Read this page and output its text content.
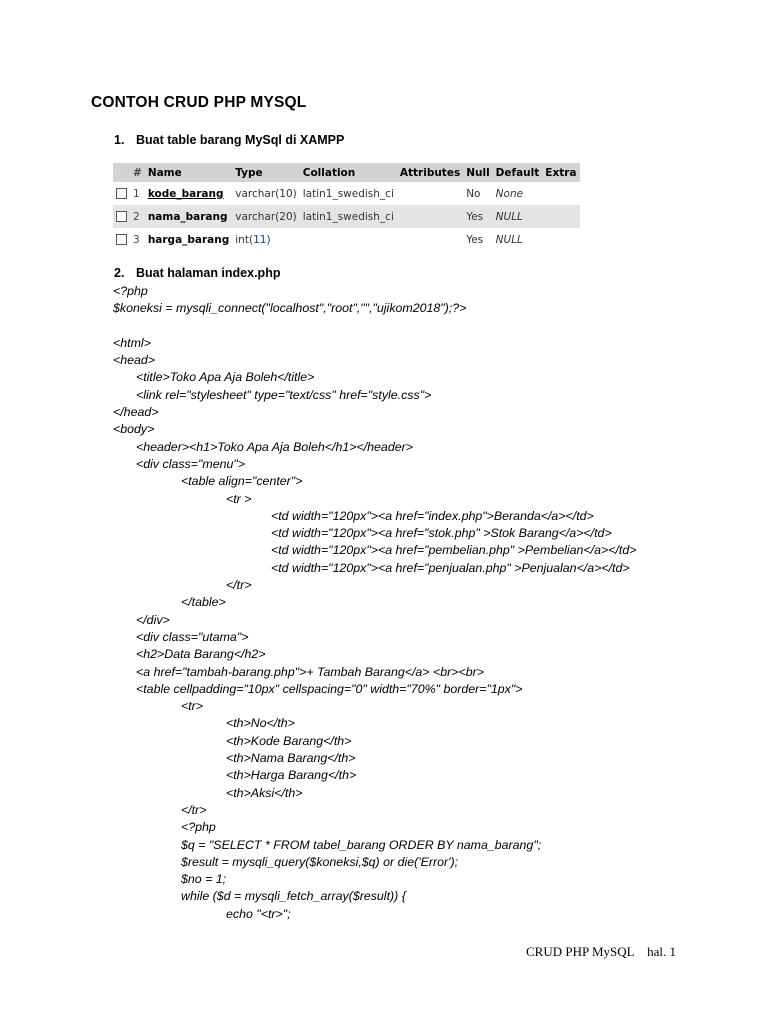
CONTOH CRUD PHP MYSQL
1. Buat table barang MySql di XAMPP
	#	Name	Type	Collation	Attributes	Null	Default	Extra
	1	kode_barang	varchar(10)	latin1_swedish_ci		No	None	
	2	nama_barang	varchar(20)	latin1_swedish_ci		Yes	NULL	
	3	harga_barang	int(11)			Yes	NULL	
2. Buat halaman index.php
<?php
$koneksi = mysqli_connect("localhost","root","","ujikom2018");?>
<html>
<head>
<title>Toko Apa Aja Boleh</title>
<link rel="stylesheet" type="text/css" href="style.css">
</head>
<body>
<header><h1>Toko Apa Aja Boleh</h1></header>
<div class="menu">
<table align="center">
<tr >
<td width="120px"><a href="index.php">Beranda</a></td>
<td width="120px"><a href="stok.php" >Stok Barang</a></td>
<td width="120px"><a href="pembelian.php" >Pembelian</a></td>
<td width="120px"><a href="penjualan.php" >Penjualan</a></td>
</tr>
</table>
</div>
<div class="utama">
<h2>Data Barang</h2>
<a href="tambah-barang.php">+ Tambah Barang</a> <br><br>
<table cellpadding="10px" cellspacing="0" width="70%" border="1px">
<tr>
<th>No</th>
<th>Kode Barang</th>
<th>Nama Barang</th>
<th>Harga Barang</th>
<th>Aksi</th>
</tr>
<?php
$q = "SELECT * FROM tabel_barang ORDER BY nama_barang";
$result = mysqli_query($koneksi,$q) or die('Error');
$no = 1;
while ($d = mysqli_fetch_array($result)) {
echo "<tr>";
CRUD PHP MySQL    hal. 1
